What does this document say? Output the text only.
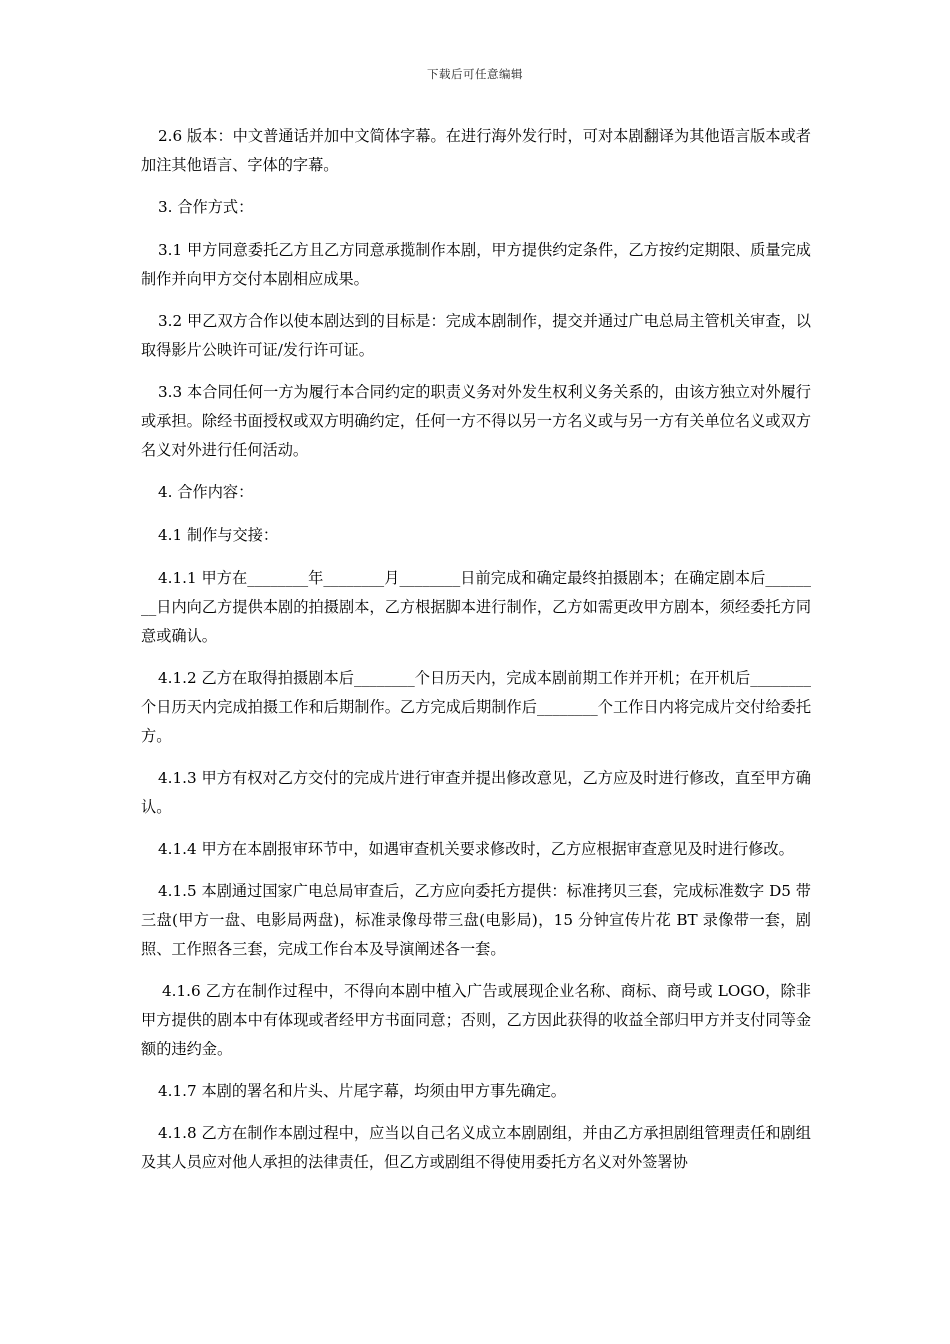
下载后可任意编辑

2.6 版本：中文普通话并加中文简体字幕。在进行海外发行时，可对本剧翻译为其他语言版本或者加注其他语言、字体的字幕。

3. 合作方式：

3.1 甲方同意委托乙方且乙方同意承揽制作本剧，甲方提供约定条件，乙方按约定期限、质量完成制作并向甲方交付本剧相应成果。

3.2 甲乙双方合作以使本剧达到的目标是：完成本剧制作，提交并通过广电总局主管机关审查，以取得影片公映许可证/发行许可证。

3.3 本合同任何一方为履行本合同约定的职责义务对外发生权利义务关系的，由该方独立对外履行或承担。除经书面授权或双方明确约定，任何一方不得以另一方名义或与另一方有关单位名义或双方名义对外进行任何活动。

4. 合作内容：

4.1 制作与交接：

4.1.1 甲方在________年________月________日前完成和确定最终拍摄剧本；在确定剧本后________日内向乙方提供本剧的拍摄剧本，乙方根据脚本进行制作，乙方如需更改甲方剧本，须经委托方同意或确认。

4.1.2 乙方在取得拍摄剧本后________个日历天内，完成本剧前期工作并开机；在开机后________个日历天内完成拍摄工作和后期制作。乙方完成后期制作后________个工作日内将完成片交付给委托方。

4.1.3 甲方有权对乙方交付的完成片进行审查并提出修改意见，乙方应及时进行修改，直至甲方确认。

4.1.4 甲方在本剧报审环节中，如遇审查机关要求修改时，乙方应根据审查意见及时进行修改。

4.1.5 本剧通过国家广电总局审查后，乙方应向委托方提供：标准拷贝三套，完成标准数字 D5 带三盘(甲方一盘、电影局两盘)，标准录像母带三盘(电影局)，15 分钟宣传片花 BT 录像带一套，剧照、工作照各三套，完成工作台本及导演阐述各一套。

4.1.6 乙方在制作过程中，不得向本剧中植入广告或展现企业名称、商标、商号或 LOGO，除非甲方提供的剧本中有体现或者经甲方书面同意；否则，乙方因此获得的收益全部归甲方并支付同等金额的违约金。

4.1.7 本剧的署名和片头、片尾字幕，均须由甲方事先确定。

4.1.8 乙方在制作本剧过程中，应当以自己名义成立本剧剧组，并由乙方承担剧组管理责任和剧组及其人员应对他人承担的法律责任，但乙方或剧组不得使用委托方名义对外签署协
